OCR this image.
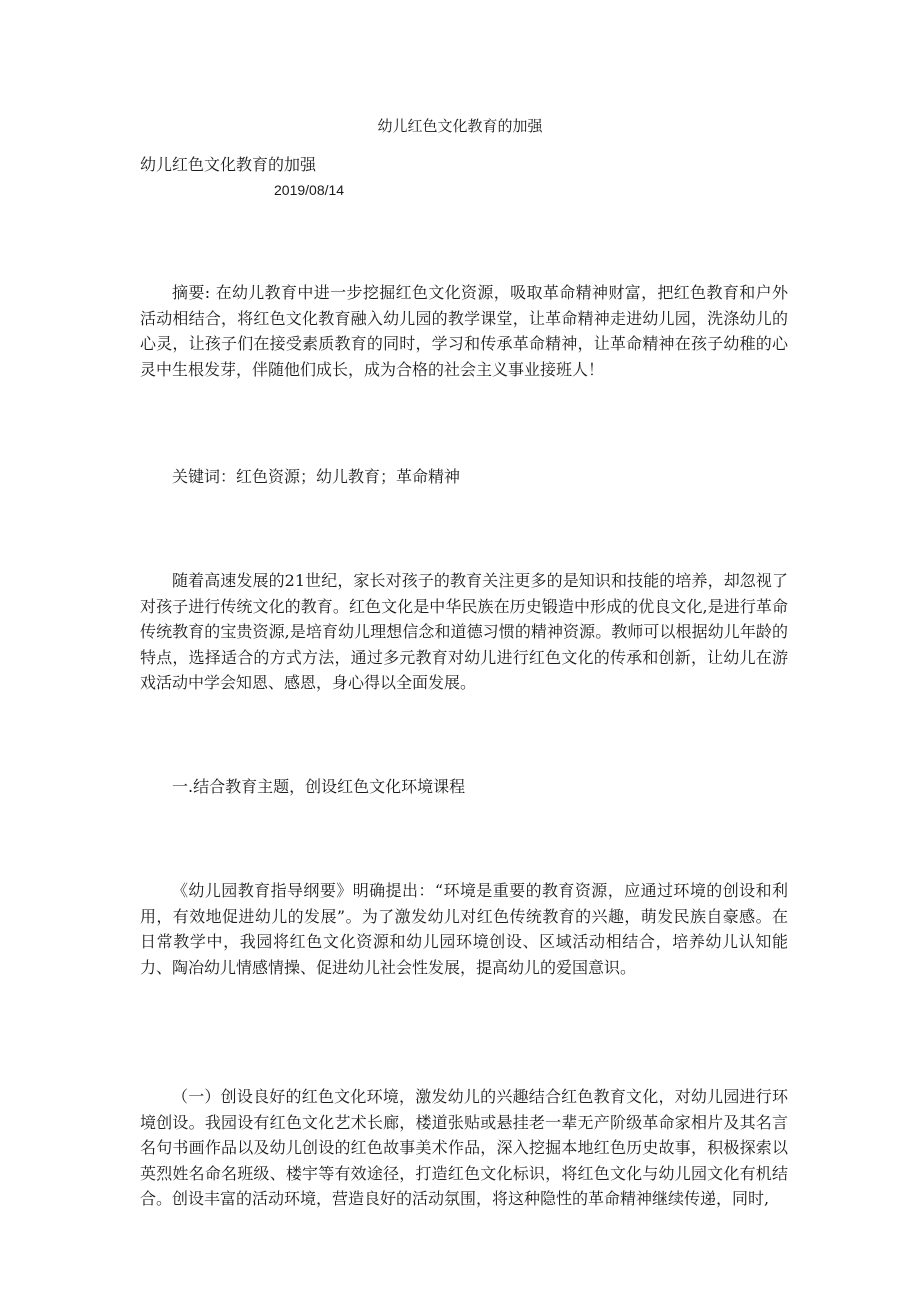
幼儿红色文化教育的加强
幼儿红色文化教育的加强
2019/08/14

摘要: 在幼儿教育中进一步挖掘红色文化资源，吸取革命精神财富，把红色教育和户外活动相结合，将红色文化教育融入幼儿园的教学课堂，让革命精神走进幼儿园，洗涤幼儿的心灵，让孩子们在接受素质教育的同时，学习和传承革命精神，让革命精神在孩子幼稚的心灵中生根发芽，伴随他们成长，成为合格的社会主义事业接班人！

关键词：红色资源；幼儿教育；革命精神

随着高速发展的21世纪，家长对孩子的教育关注更多的是知识和技能的培养，却忽视了对孩子进行传统文化的教育。红色文化是中华民族在历史锻造中形成的优良文化,是进行革命传统教育的宝贵资源,是培育幼儿理想信念和道德习惯的精神资源。教师可以根据幼儿年龄的特点，选择适合的方式方法，通过多元教育对幼儿进行红色文化的传承和创新，让幼儿在游戏活动中学会知恩、感恩，身心得以全面发展。

一.结合教育主题，创设红色文化环境课程

《幼儿园教育指导纲要》明确提出：“环境是重要的教育资源，应通过环境的创设和利用，有效地促进幼儿的发展”。为了激发幼儿对红色传统教育的兴趣，萌发民族自豪感。在日常教学中，我园将红色文化资源和幼儿园环境创设、区域活动相结合，培养幼儿认知能力、陶冶幼儿情感情操、促进幼儿社会性发展，提高幼儿的爱国意识。

（一）创设良好的红色文化环境，激发幼儿的兴趣结合红色教育文化，对幼儿园进行环境创设。我园设有红色文化艺术长廊，楼道张贴或悬挂老一辈无产阶级革命家相片及其名言名句书画作品以及幼儿创设的红色故事美术作品，深入挖掘本地红色历史故事，积极探索以英烈姓名命名班级、楼宇等有效途径，打造红色文化标识，将红色文化与幼儿园文化有机结合。创设丰富的活动环境，营造良好的活动氛围，将这种隐性的革命精神继续传递，同时,
